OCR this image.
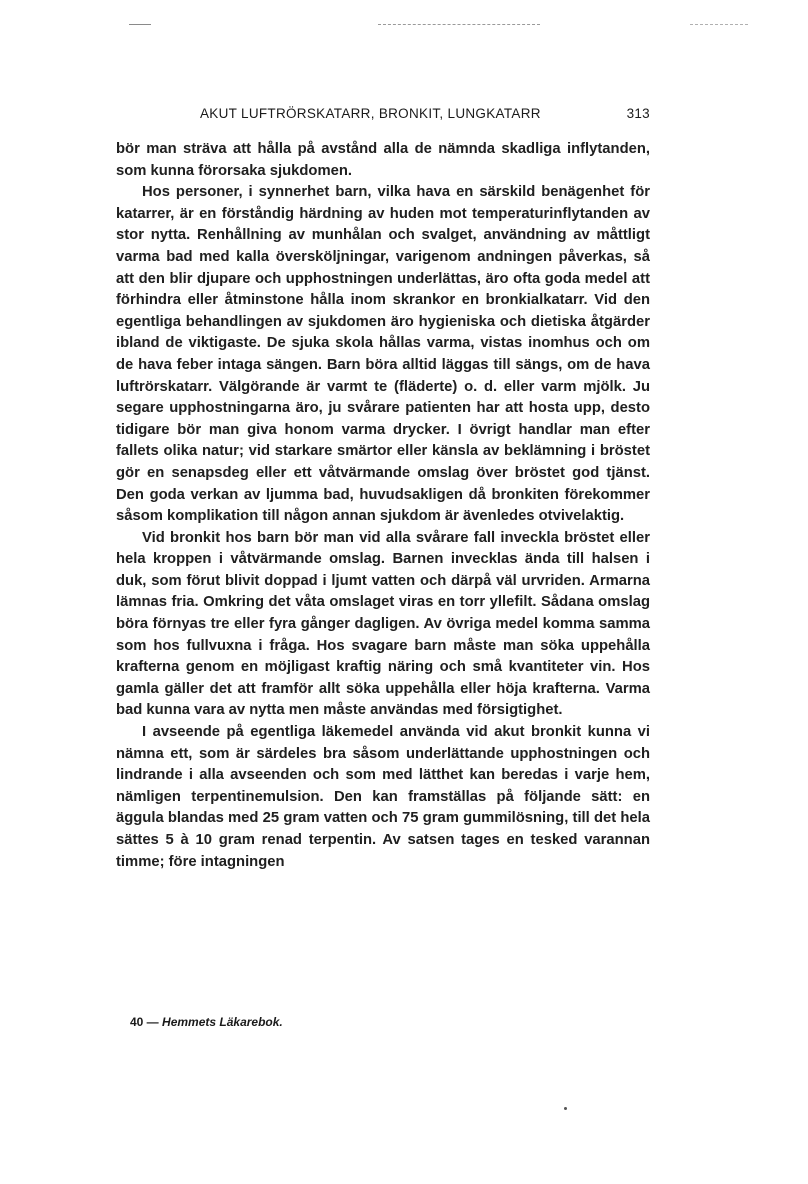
AKUT LUFTRÖRSKATARR, BRONKIT, LUNGKATARR	313

bör man sträva att hålla på avstånd alla de nämnda skadliga inflytanden, som kunna förorsaka sjukdomen.

Hos personer, i synnerhet barn, vilka hava en särskild benägenhet för katarrer, är en förståndig härdning av huden mot temperaturinflytanden av stor nytta. Renhållning av munhålan och svalget, användning av måttligt varma bad med kalla översköljningar, varigenom andningen påverkas, så att den blir djupare och upphostningen underlättas, äro ofta goda medel att förhindra eller åtminstone hålla inom skrankor en bronkialkatarr. Vid den egentliga behandlingen av sjukdomen äro hygieniska och dietiska åtgärder ibland de viktigaste. De sjuka skola hållas varma, vistas inomhus och om de hava feber intaga sängen. Barn böra alltid läggas till sängs, om de hava luftrörskatarr. Välgörande är varmt te (fläderte) o. d. eller varm mjölk. Ju segare upphostningarna äro, ju svårare patienten har att hosta upp, desto tidigare bör man giva honom varma drycker. I övrigt handlar man efter fallets olika natur; vid starkare smärtor eller känsla av beklämning i bröstet gör en senapsdeg eller ett våtvärmande omslag över bröstet god tjänst. Den goda verkan av ljumma bad, huvudsakligen då bronkiten förekommer såsom komplikation till någon annan sjukdom är ävenledes otvivelaktig.

Vid bronkit hos barn bör man vid alla svårare fall inveckla bröstet eller hela kroppen i våtvärmande omslag. Barnen invecklas ända till halsen i duk, som förut blivit doppad i ljumt vatten och därpå väl urvriden. Armarna lämnas fria. Omkring det våta omslaget viras en torr yllefilt. Sådana omslag böra förnyas tre eller fyra gånger dagligen. Av övriga medel komma samma som hos fullvuxna i fråga. Hos svagare barn måste man söka uppehålla krafterna genom en möjligast kraftig näring och små kvantiteter vin. Hos gamla gäller det att framför allt söka uppehålla eller höja krafterna. Varma bad kunna vara av nytta men måste användas med försigtighet.

I avseende på egentliga läkemedel använda vid akut bronkit kunna vi nämna ett, som är särdeles bra såsom underlättande upphostningen och lindrande i alla avseenden och som med lätthet kan beredas i varje hem, nämligen terpentinemulsion. Den kan framställas på följande sätt: en äggula blandas med 25 gram vatten och 75 gram gummilösning, till det hela sättes 5 à 10 gram renad terpentin. Av satsen tages en tesked varannan timme; före intagningen

40 — Hemmets Läkarebok.
